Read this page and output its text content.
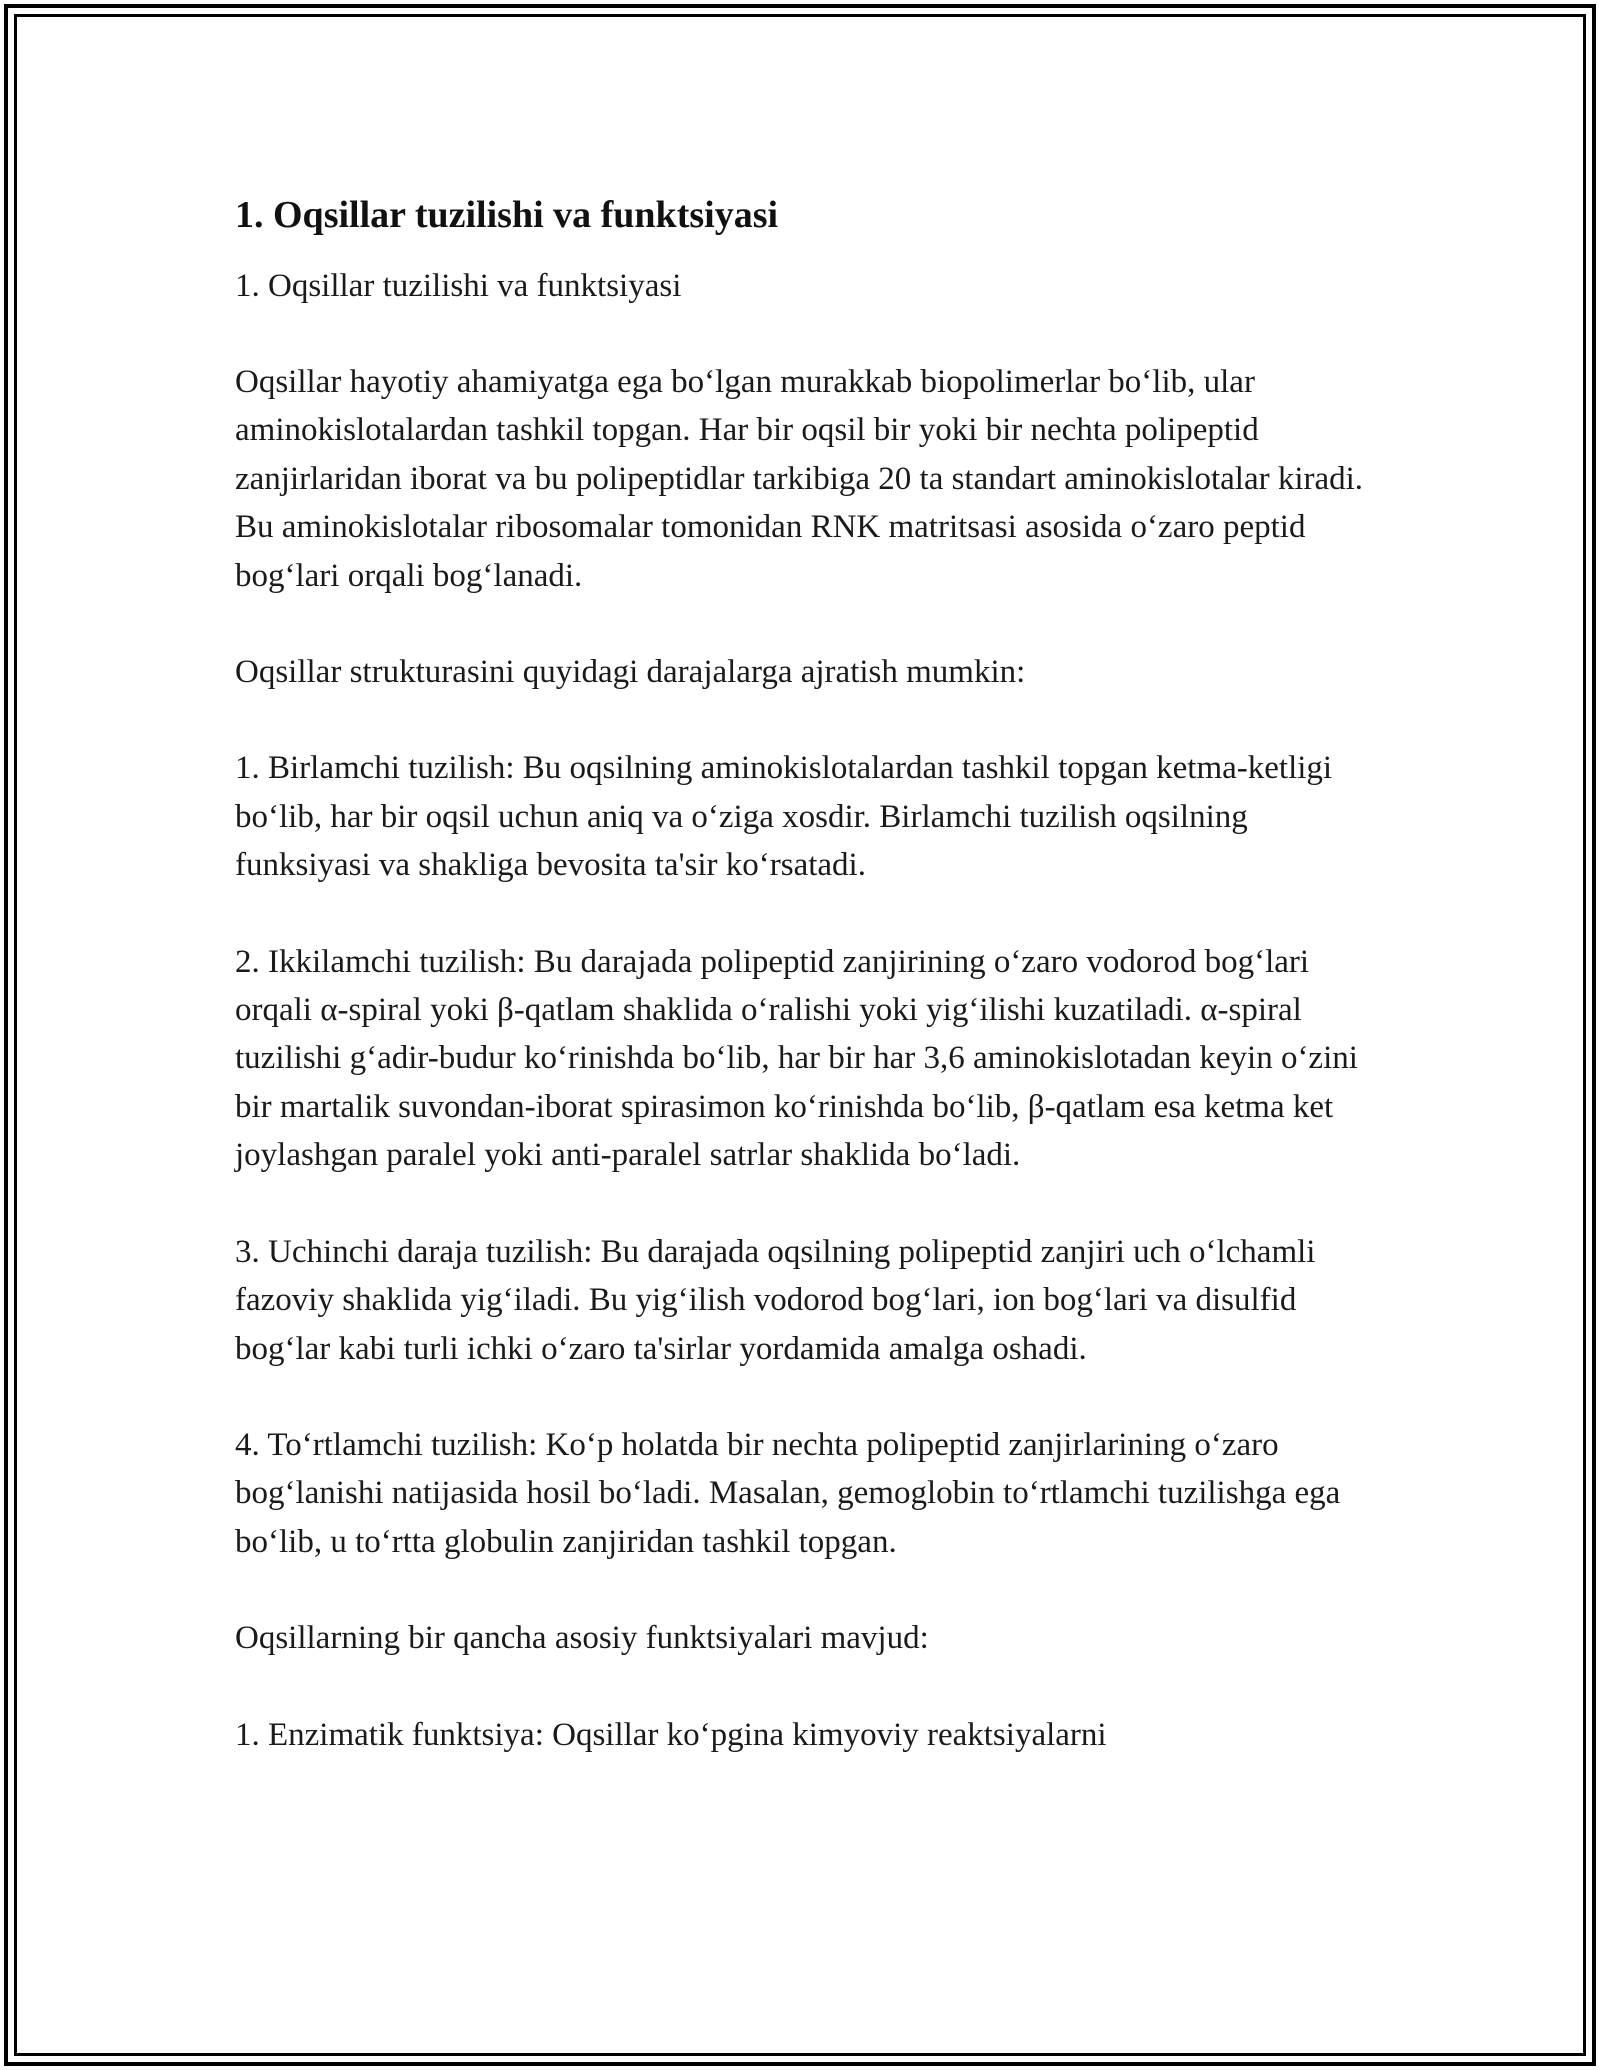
1. Oqsillar tuzilishi va funktsiyasi

1. Oqsillar tuzilishi va funktsiyasi

Oqsillar hayotiy ahamiyatga ega bo‘lgan murakkab biopolimerlar bo‘lib, ular aminokislotalardan tashkil topgan. Har bir oqsil bir yoki bir nechta polipeptid zanjirlaridan iborat va bu polipeptidlar tarkibiga 20 ta standart aminokislotalar kiradi. Bu aminokislotalar ribosomalar tomonidan RNK matritsasi asosida o‘zaro peptid bog‘lari orqali bog‘lanadi.

Oqsillar strukturasini quyidagi darajalarga ajratish mumkin:

1. Birlamchi tuzilish: Bu oqsilning aminokislotalardan tashkil topgan ketma-ketligi bo‘lib, har bir oqsil uchun aniq va o‘ziga xosdir. Birlamchi tuzilish oqsilning funksiyasi va shakliga bevosita ta'sir ko‘rsatadi.

2. Ikkilamchi tuzilish: Bu darajada polipeptid zanjirining o‘zaro vodorod bog‘lari orqali α-spiral yoki β-qatlam shaklida o‘ralishi yoki yig‘ilishi kuzatiladi. α-spiral tuzilishi g‘adir-budur ko‘rinishda bo‘lib, har bir har 3,6 aminokislotadan keyin o‘zini bir martalik suvondan-iborat spirasimon ko‘rinishda bo‘lib, β-qatlam esa ketma ket joylashgan paralel yoki anti-paralel satrlar shaklida bo‘ladi.

3. Uchinchi daraja tuzilish: Bu darajada oqsilning polipeptid zanjiri uch o‘lchamli fazoviy shaklida yig‘iladi. Bu yig‘ilish vodorod bog‘lari, ion bog‘lari va disulfid bog‘lar kabi turli ichki o‘zaro ta'sirlar yordamida amalga oshadi.

4. To‘rtlamchi tuzilish: Ko‘p holatda bir nechta polipeptid zanjirlarining o‘zaro bog‘lanishi natijasida hosil bo‘ladi. Masalan, gemoglobin to‘rtlamchi tuzilishga ega bo‘lib, u to‘rtta globulin zanjiridan tashkil topgan.

Oqsillarning bir qancha asosiy funktsiyalari mavjud:

1. Enzimatik funktsiya: Oqsillar ko‘pgina kimyoviy reaktsiyalarni
